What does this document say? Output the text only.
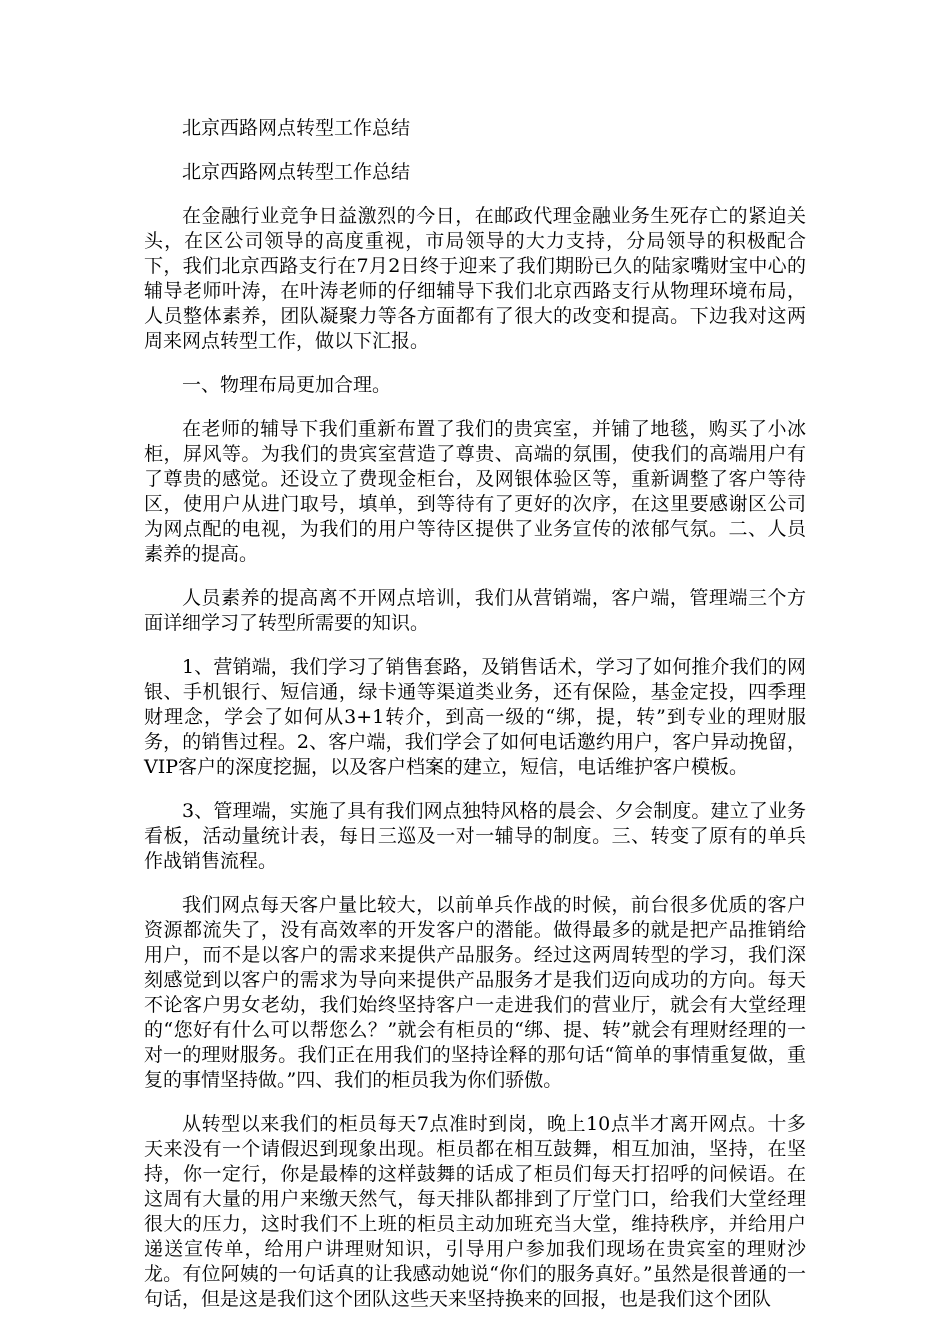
北京西路网点转型工作总结

北京西路网点转型工作总结

在金融行业竞争日益激烈的今日，在邮政代理金融业务生死存亡的紧迫关头，在区公司领导的高度重视，市局领导的大力支持，分局领导的积极配合下，我们北京西路支行在7月2日终于迎来了我们期盼已久的陆家嘴财宝中心的辅导老师叶涛，在叶涛老师的仔细辅导下我们北京西路支行从物理环境布局，人员整体素养，团队凝聚力等各方面都有了很大的改变和提高。下边我对这两周来网点转型工作，做以下汇报。

一、物理布局更加合理。

在老师的辅导下我们重新布置了我们的贵宾室，并铺了地毯，购买了小冰柜，屏风等。为我们的贵宾室营造了尊贵、高端的氛围，使我们的高端用户有了尊贵的感觉。还设立了费现金柜台，及网银体验区等，重新调整了客户等待区，使用户从进门取号，填单，到等待有了更好的次序，在这里要感谢区公司为网点配的电视，为我们的用户等待区提供了业务宣传的浓郁气氛。二、人员素养的提高。

人员素养的提高离不开网点培训，我们从营销端，客户端，管理端三个方面详细学习了转型所需要的知识。

1、营销端，我们学习了销售套路，及销售话术，学习了如何推介我们的网银、手机银行、短信通，绿卡通等渠道类业务，还有保险，基金定投，四季理财理念，学会了如何从3+1转介，到高一级的“绑，提，转”到专业的理财服务，的销售过程。2、客户端，我们学会了如何电话邀约用户，客户异动挽留，VIP客户的深度挖掘，以及客户档案的建立，短信，电话维护客户模板。

3、管理端，实施了具有我们网点独特风格的晨会、夕会制度。建立了业务看板，活动量统计表，每日三巡及一对一辅导的制度。三、转变了原有的单兵作战销售流程。

我们网点每天客户量比较大，以前单兵作战的时候，前台很多优质的客户资源都流失了，没有高效率的开发客户的潜能。做得最多的就是把产品推销给用户，而不是以客户的需求来提供产品服务。经过这两周转型的学习，我们深刻感觉到以客户的需求为导向来提供产品服务才是我们迈向成功的方向。每天不论客户男女老幼，我们始终坚持客户一走进我们的营业厅，就会有大堂经理的“您好有什么可以帮您么？”就会有柜员的“绑、提、转”就会有理财经理的一对一的理财服务。我们正在用我们的坚持诠释的那句话“简单的事情重复做，重复的事情坚持做。”四、我们的柜员我为你们骄傲。

从转型以来我们的柜员每天7点准时到岗，晚上10点半才离开网点。十多天来没有一个请假迟到现象出现。柜员都在相互鼓舞，相互加油，坚持，在坚持，你一定行，你是最棒的这样鼓舞的话成了柜员们每天打招呼的问候语。在这周有大量的用户来缴天然气，每天排队都排到了厅堂门口，给我们大堂经理很大的压力，这时我们不上班的柜员主动加班充当大堂，维持秩序，并给用户递送宣传单，给用户讲理财知识，引导用户参加我们现场在贵宾室的理财沙龙。有位阿姨的一句话真的让我感动她说“你们的服务真好。”虽然是很普通的一句话，但是这是我们这个团队这些天来坚持换来的回报，也是我们这个团队
